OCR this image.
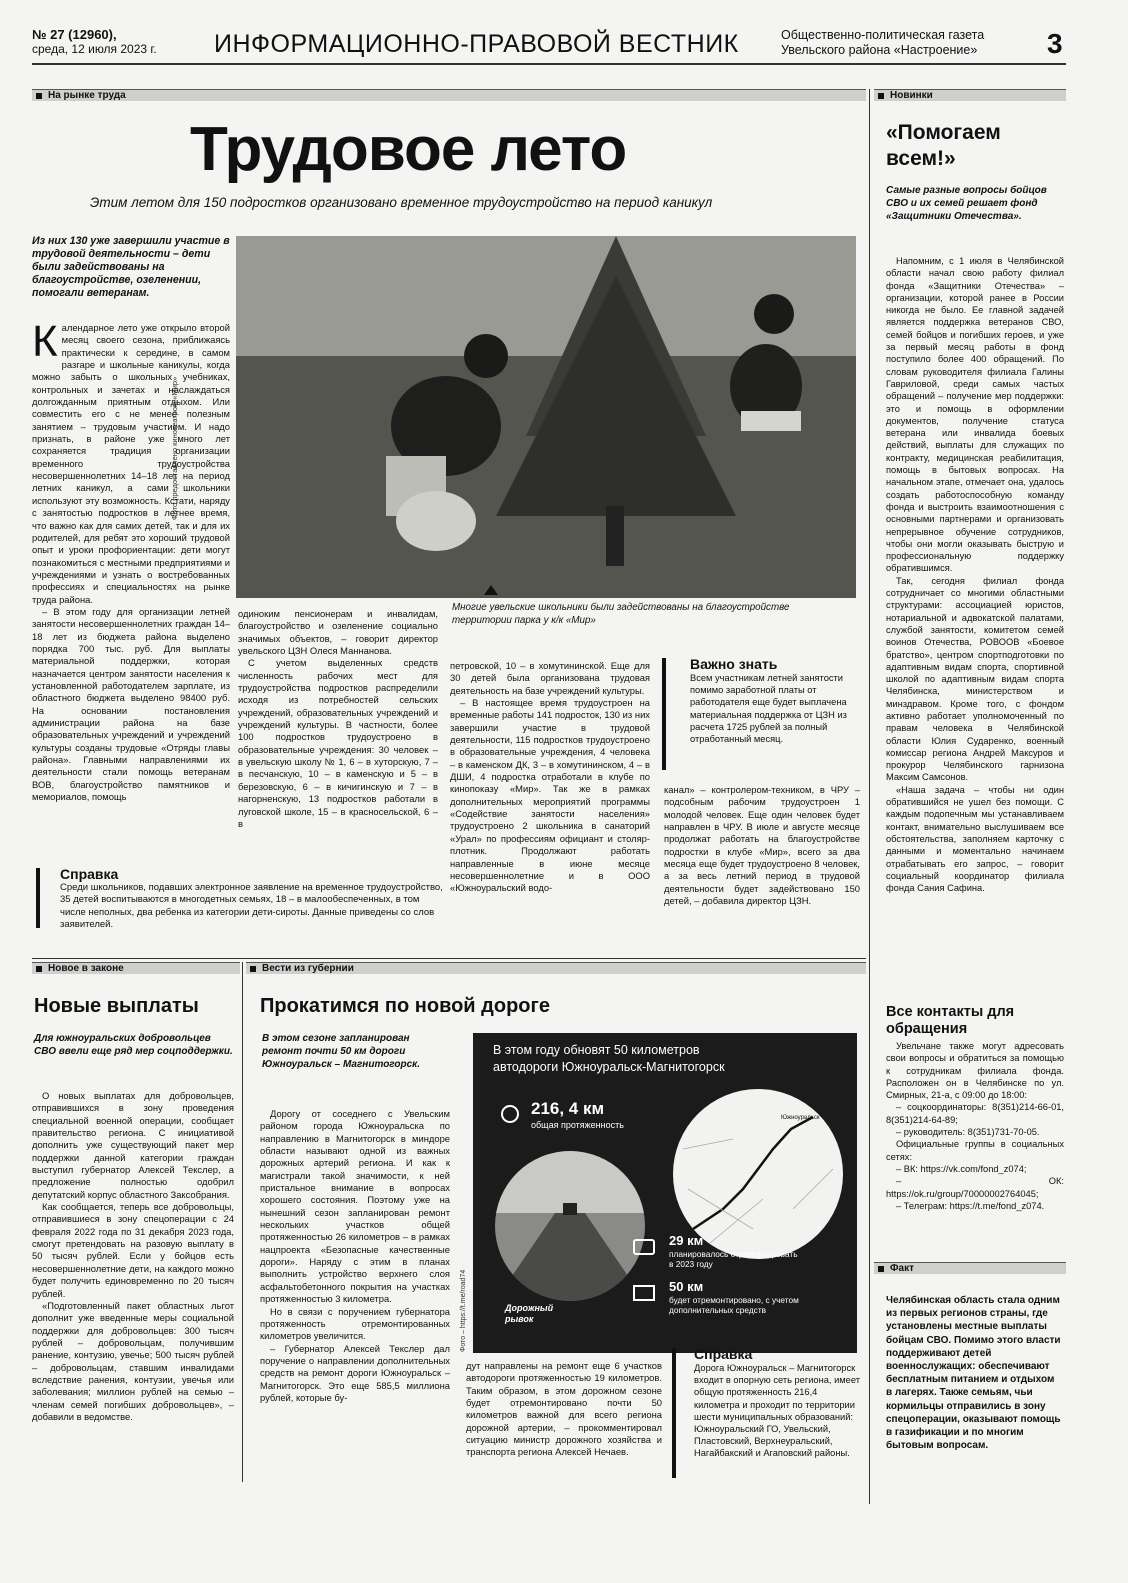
№ 27 (12960),
среда, 12 июля 2023 г. ИНФОРМАЦИОННО-ПРАВОВОЙ ВЕСТНИК	Общественно-политическая газета
Увельского района «Настроение» 3
На рынке труда
Трудовое лето
Этим летом для 150 подростков организовано временное трудоустройство на период каникул
Из них 130 уже завершили участие в трудовой деятельности – дети были задействованы на благоустройстве, озеленении, помогали ветеранам.
Фото предоставлено кинотеатром «Мир»
Многие увельские школьники были задействованы на благоустройстве территории парка у к/к «Мир»
К алендарное лето уже открыло второй месяц своего сезона, приближаясь практически к середине, в самом разгаре и школьные каникулы, когда можно забыть о школьных учебниках, контрольных и зачетах и наслаждаться долгожданным приятным отдыхом. Или совместить его с не менее полезным занятием – трудовым участием. И надо признать, в районе уже много лет сохраняется традиция организации временного трудоустройства несовершеннолетних 14–18 лет на период летних каникул, а сами школьники используют эту возможность. Кстати, наряду с занятостью подростков в летнее время, что важно как для самих детей, так и для их родителей, для ребят это хороший трудовой опыт и уроки профориентации: дети могут познакомиться с местными предприятиями и учреждениями и узнать о востребованных профессиях и специальностях на рынке труда района.

– В этом году для организации летней занятости несовершеннолетних граждан 14–18 лет из бюджета района выделено порядка 700 тыс. руб. Для выплаты материальной поддержки, которая назначается центром занятости населения к установленной работодателем зарплате, из областного бюджета выделено 98400 руб. На основании постановления администрации района на базе образовательных учреждений и учреждений культуры созданы трудовые «Отряды главы района». Главными направлениями их деятельности стали помощь ветеранам ВОВ, благоустройство памятников и мемориалов, помощь

одиноким пенсионерам и инвалидам, благоустройство и озеленение социально значимых объектов, – говорит директор увельского ЦЗН Олеся Маннанова.

С учетом выделенных средств численность рабочих мест для трудоустройства подростков распределили исходя из потребностей сельских учреждений, образовательных учреждений и учреждений культуры. В частности, более 100 подростков трудоустроено в образовательные учреждения: 30 человек – в увельскую школу № 1, 6 – в хуторскую, 7 – в песчанскую, 10 – в каменскую и 5 – в березовскую, 6 – в кичигинскую и 7 – в нагорненскую, 13 подростков работали в луговской школе, 15 – в красносельской, 6 – в

петровской, 10 – в хомутининской. Еще для 30 детей была организована трудовая деятельность на базе учреждений культуры.

– В настоящее время трудоустроен на временные работы 141 подросток, 130 из них завершили участие в трудовой деятельности, 115 подростков трудоустроено в образовательные учреждения, 4 человека – в каменском ДК, 3 – в хомутининском, 4 – в ДШИ, 4 подростка отработали в клубе по кинопоказу «Мир». Так же в рамках дополнительных мероприятий программы «Содействие занятости населения» трудоустроено 2 школьника в санаторий «Урал» по профессиям официант и столяр-плотник. Продолжают работать направленные в июне месяце несовершеннолетние и в ООО «Южноуральский водо-

Важно знать
Всем участникам летней занятости помимо заработной платы от работодателя еще будет выплачена материальная поддержка от ЦЗН из расчета 1725 рублей за полный отработанный месяц.

канал» – контролером-техником, в ЧРУ – подсобным рабочим трудоустроен 1 молодой человек. Еще один человек будет направлен в ЧРУ. В июле и августе месяце продолжат работать на благоустройстве подростки в клубе «Мир», всего за два месяца еще будет трудоустроено 8 человек, а за весь летний период в трудовой деятельности будет задействовано 150 детей, – добавила директор ЦЗН.

Справка
Среди школьников, подавших электронное заявление на временное трудоустройство, 35 детей воспитываются в многодетных семьях, 18 – в малообеспеченных, в том числе неполных, два ребенка из категории дети-сироты. Данные приведены со слов заявителей.
Новинки
«Помогаем всем!»
Самые разные вопросы бойцов СВО и их семей решает фонд «Защитники Отечества».

Напомним, с 1 июля в Челябинской области начал свою работу филиал фонда «Защитники Отечества» – организации, которой ранее в России никогда не было. Ее главной задачей является поддержка ветеранов СВО, семей бойцов и погибших героев, и уже за первый месяц работы в фонд поступило более 400 обращений. По словам руководителя филиала Галины Гавриловой, среди самых частых обращений – получение мер поддержки: это и помощь в оформлении документов, получение статуса ветерана или инвалида боевых действий, выплаты для служащих по контракту, медицинская реабилитация, помощь в бытовых вопросах. На начальном этапе, отмечает она, удалось создать работоспособную команду фонда и выстроить взаимоотношения с основными партнерами и организовать непрерывное обучение сотрудников, чтобы они могли оказывать быструю и профессиональную поддержку обратившимся.

Так, сегодня филиал фонда сотрудничает со многими областными структурами: ассоциацией юристов, нотариальной и адвокатской палатами, службой занятости, комитетом семей воинов Отечества, РОВООВ «Боевое братство», центром спортподготовки по адаптивным видам спорта, спортивной школой по адаптивным видам спорта Челябинска, министерством и минздравом. Кроме того, с фондом активно работает уполномоченный по правам человека в Челябинской области Юлия Сударенко, военный комиссар региона Андрей Максуров и прокурор Челябинского гарнизона Максим Самсонов.

«Наша задача – чтобы ни один обратившийся не ушел без помощи. С каждым подопечным мы устанавливаем контакт, внимательно выслушиваем все обстоятельства, заполняем карточку с данными и моментально начинаем отрабатывать его запрос, – говорит социальный координатор филиала фонда Сания Сафина.

Все контакты для обращения

Увельчане также могут адресовать свои вопросы и обратиться за помощью к сотрудникам филиала фонда. Расположен он в Челябинске по ул. Смирных, 21-а, с 09:00 до 18:00:

– соцкоординаторы: 8(351)214-66-01, 8(351)214-64-89;

– руководитель: 8(351)731-70-05.

Официальные группы в социальных сетях:

– ВК: https://vk.com/fond_z074;

– ОК: https://ok.ru/group/70000002764045;

– Телеграм: https://t.me/fond_z074.

Факт
Челябинская область стала одним из первых регионов страны, где установлены местные выплаты бойцам СВО. Помимо этого власти поддерживают детей военнослужащих: обеспечивают бесплатным питанием и отдыхом в лагерях. Также семьям, чьи кормильцы отправились в зону спецоперации, оказывают помощь в газификации и по многим бытовым вопросам.
Новое в законе
Новые выплаты
Для южноуральских добровольцев СВО ввели еще ряд мер соцподдержки.

О новых выплатах для добровольцев, отправившихся в зону проведения специальной военной операции, сообщает правительство региона. С инициативой дополнить уже существующий пакет мер поддержки данной категории граждан выступил губернатор Алексей Текслер, а предложение полностью одобрил депутатский корпус областного Заксобрания.

Как сообщается, теперь все добровольцы, отправившиеся в зону спецоперации с 24 февраля 2022 года по 31 декабря 2023 года, смогут претендовать на разовую выплату в 50 тысяч рублей. Если у бойцов есть несовершеннолетние дети, на каждого можно будет получить единовременно по 20 тысяч рублей.

«Подготовленный пакет областных льгот дополнит уже введенные меры социальной поддержки для добровольцев: 300 тысяч рублей – добровольцам, получившим ранение, контузию, увечье; 500 тысяч рублей – добровольцам, ставшим инвалидами вследствие ранения, контузии, увечья или заболевания; миллион рублей на семью – членам семей погибших добровольцев», – добавили в ведомстве.

Вести из губернии
Прокатимся по новой дороге
В этом сезоне запланирован ремонт почти 50 км дороги Южноуральск – Магнитогорск.

Дорогу от соседнего с Увельским районом города Южноуральска по направлению в Магнитогорск в миндоре области называют одной из важных дорожных артерий региона. И как к магистрали такой значимости, к ней пристальное внимание в вопросах хорошего состояния. Поэтому уже на нынешний сезон запланирован ремонт нескольких участков общей протяженностью 26 километров – в рамках нацпроекта «Безопасные качественные дороги». Наряду с этим в планах выполнить устройство верхнего слоя асфальтобетонного покрытия на участках протяженностью 3 километра.

Но в связи с поручением губернатора протяженность отремонтированных километров увеличится.

– Губернатор Алексей Текслер дал поручение о направлении дополнительных средств на ремонт дороги Южноуральск – Магнитогорск. Это еще 585,5 миллиона рублей, которые бу-

В этом году обновят 50 километров
автодороги Южноуральск-Магнитогорск
216, 4 км
общая протяженность
Южноуральск
Дорожный рывок
29 км
планировалось отремонтировать в 2023 году
50 км
будет отремонтировано, с учетом дополнительных средств
Фото – https://t.me/road74

дут направлены на ремонт еще 6 участков автодороги протяженностью 19 километров. Таким образом, в этом дорожном сезоне будет отремонтировано почти 50 километров важной для всего региона дорожной артерии, – прокомментировал ситуацию министр дорожного хозяйства и транспорта региона Алексей Нечаев.

Справка
Дорога Южноуральск – Магнитогорск входит в опорную сеть региона, имеет общую протяженность 216,4 километра и проходит по территории шести муниципальных образований: Южноуральский ГО, Увельский, Пластовский, Верхнеуральский, Нагайбакский и Агаповский районы.
